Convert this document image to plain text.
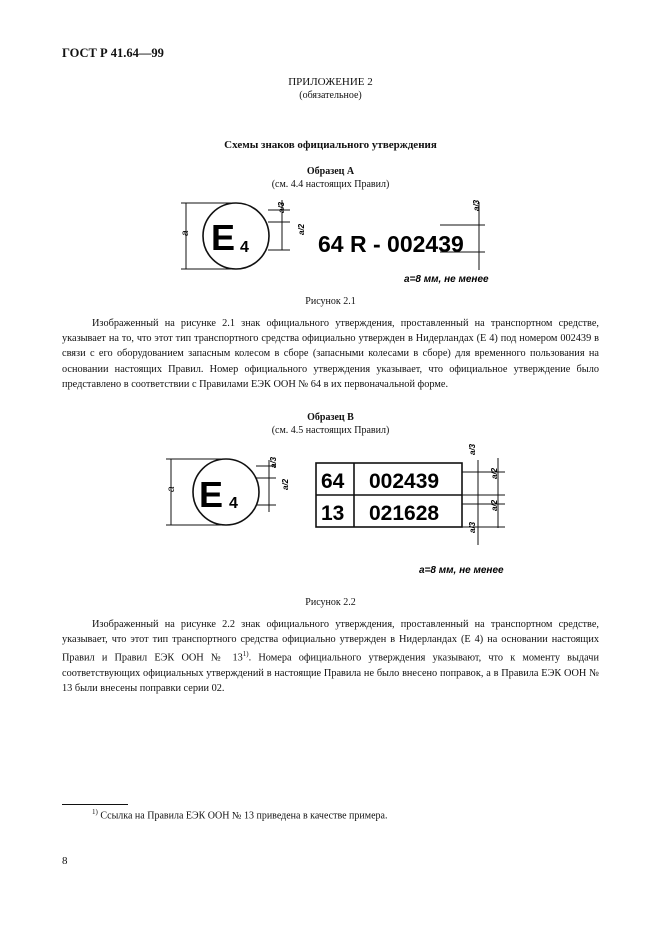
ГОСТ Р 41.64—99
ПРИЛОЖЕНИЕ 2
(обязательное)
Схемы знаков официального утверждения
Образец А
(см. 4.4 настоящих Правил)
a E 4
a/3
a/2
64 R - 002439
a/3
a=8 мм, не менее
Рисунок 2.1

Изображенный на рисунке 2.1 знак официального утверждения, проставленный на транспортном средстве, указывает на то, что этот тип транспортного средства официально утвержден в Нидерландах (Е 4) под номером 002439 в связи с его оборудованием запасным колесом в сборе (запасными колесами в сборе) для временного пользования на основании настоящих Правил. Номер официального утверждения указывает, что официальное утверждение было представлено в соответствии с Правилами ЕЭК ООН № 64 в их первоначальной форме.

Образец В
(см. 4.5 настоящих Правил)
a E 4
a/3
a/2 64 002439
13 021628
a/3
a/2
a/2
a/3
a=8 мм, не менее
Рисунок 2.2

Изображенный на рисунке 2.2 знак официального утверждения, проставленный на транспортном средстве, указывает, что этот тип транспортного средства официально утвержден в Нидерландах (Е 4) на основании настоящих Правил и Правил ЕЭК ООН № 13$^{1)}$. Номера официального утверждения указывают, что к моменту выдачи соответствующих официальных утверждений в настоящие Правила не было внесено поправок, а в Правила ЕЭК ООН № 13 были внесены поправки серии 02.

$^{1)}$ Ссылка на Правила ЕЭК ООН № 13 приведена в качестве примера.
8
